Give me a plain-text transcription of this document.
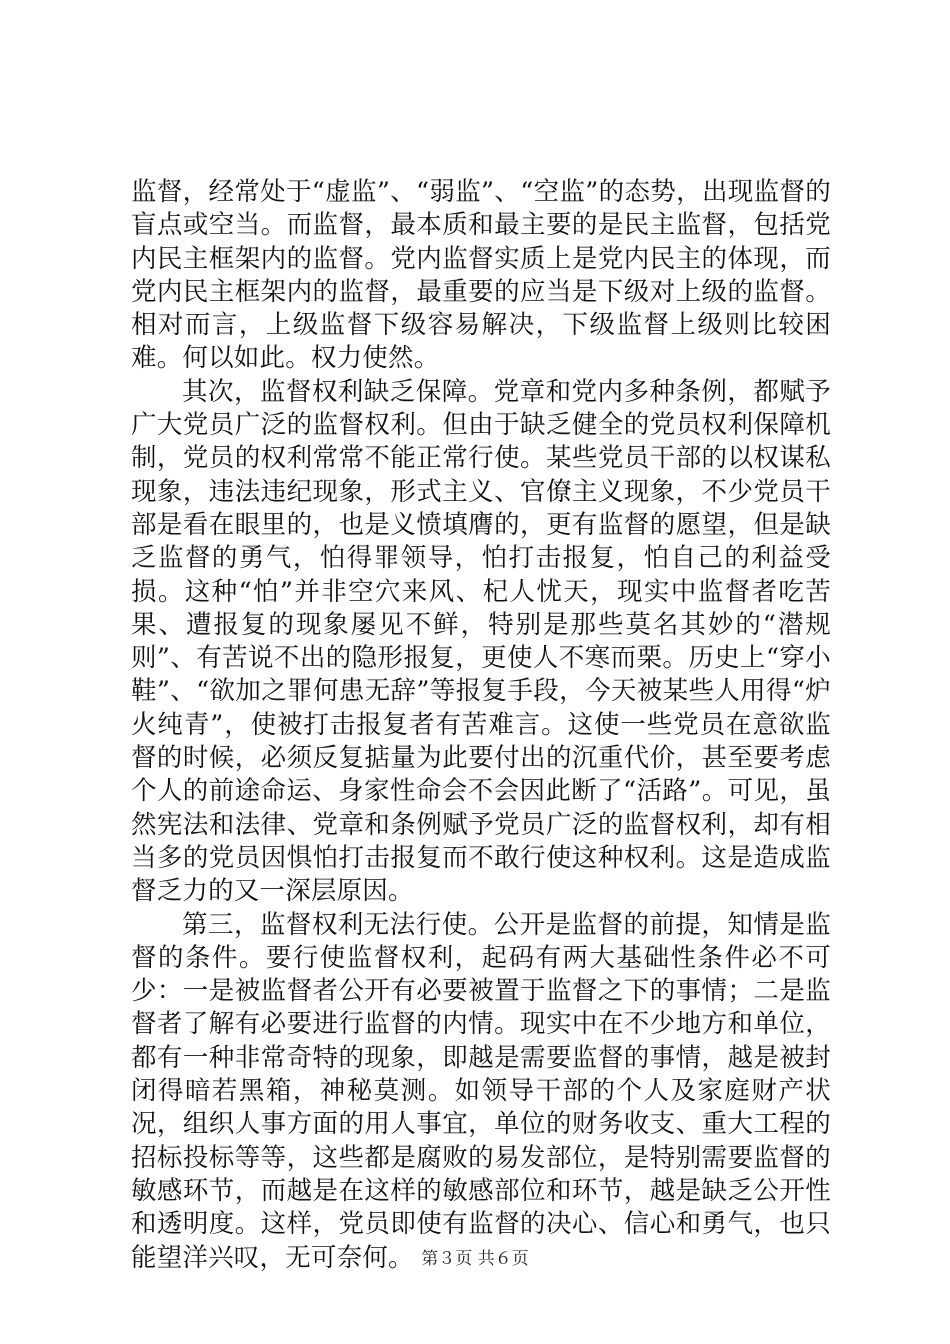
监督，经常处于“虚监”、“弱监”、“空监”的态势，出现监督的盲点或空当。而监督，最本质和最主要的是民主监督，包括党内民主框架内的监督。党内监督实质上是党内民主的体现，而党内民主框架内的监督，最重要的应当是下级对上级的监督。相对而言，上级监督下级容易解决，下级监督上级则比较困难。何以如此。权力使然。

其次，监督权利缺乏保障。党章和党内多种条例，都赋予广大党员广泛的监督权利。但由于缺乏健全的党员权利保障机制，党员的权利常常不能正常行使。某些党员干部的以权谋私现象，违法违纪现象，形式主义、官僚主义现象，不少党员干部是看在眼里的，也是义愤填膺的，更有监督的愿望，但是缺乏监督的勇气，怕得罪领导，怕打击报复，怕自己的利益受损。这种“怕”并非空穴来风、杞人忧天，现实中监督者吃苦果、遭报复的现象屡见不鲜，特别是那些莫名其妙的“潜规则”、有苦说不出的隐形报复，更使人不寒而栗。历史上“穿小鞋”、“欲加之罪何患无辞”等报复手段，今天被某些人用得“炉火纯青”，使被打击报复者有苦难言。这使一些党员在意欲监督的时候，必须反复掂量为此要付出的沉重代价，甚至要考虑个人的前途命运、身家性命会不会因此断了“活路”。可见，虽然宪法和法律、党章和条例赋予党员广泛的监督权利，却有相当多的党员因惧怕打击报复而不敢行使这种权利。这是造成监督乏力的又一深层原因。

第三，监督权利无法行使。公开是监督的前提，知情是监督的条件。要行使监督权利，起码有两大基础性条件必不可少：一是被监督者公开有必要被置于监督之下的事情；二是监督者了解有必要进行监督的内情。现实中在不少地方和单位，都有一种非常奇特的现象，即越是需要监督的事情，越是被封闭得暗若黑箱，神秘莫测。如领导干部的个人及家庭财产状况，组织人事方面的用人事宜，单位的财务收支、重大工程的招标投标等等，这些都是腐败的易发部位，是特别需要监督的敏感环节，而越是在这样的敏感部位和环节，越是缺乏公开性和透明度。这样，党员即使有监督的决心、信心和勇气，也只能望洋兴叹，无可奈何。 第３页 共６页
